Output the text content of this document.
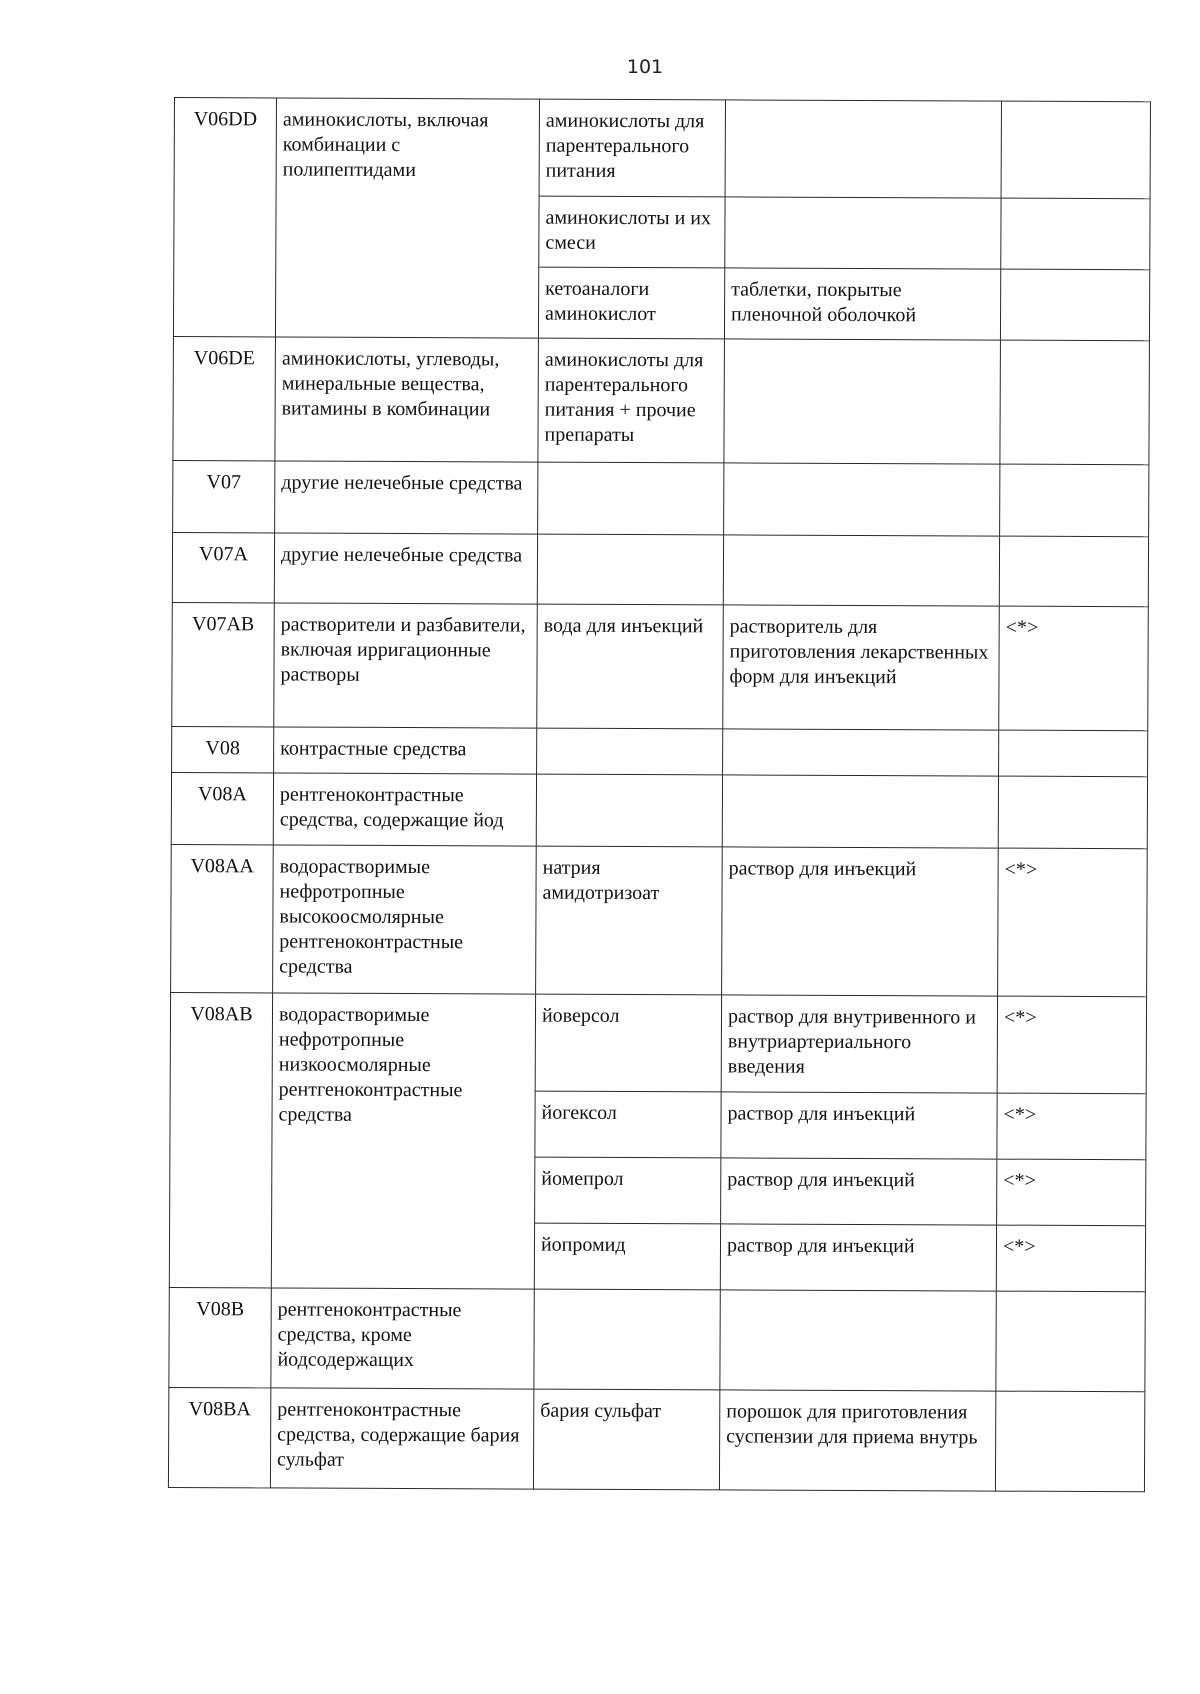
101
V06DD	аминокислоты, включая комбинации с полипептидами	аминокислоты для парентерального питания		
		аминокислоты и их смеси		
		кетоаналоги аминокислот	таблетки, покрытые пленочной оболочкой	
V06DE	аминокислоты, углеводы, минеральные вещества, витамины в комбинации	аминокислоты для парентерального питания + прочие препараты		
V07	другие нелечебные средства			
V07A	другие нелечебные средства			
V07AB	растворители и разбавители, включая ирригационные растворы	вода для инъекций	растворитель для приготовления лекарственных форм для инъекций	<*>
V08	контрастные средства			
V08A	рентгеноконтрастные средства, содержащие йод			
V08AA	водорастворимые нефротропные высокоосмолярные рентгеноконтрастные средства	натрия амидотризоат	раствор для инъекций	<*>
V08AB	водорастворимые нефротропные низкоосмолярные рентгеноконтрастные средства	йоверсол	раствор для внутривенного и внутриартериального введения	<*>
		йогексол	раствор для инъекций	<*>
		йомепрол	раствор для инъекций	<*>
		йопромид	раствор для инъекций	<*>
V08B	рентгеноконтрастные средства, кроме йодсодержащих			
V08BA	рентгеноконтрастные средства, содержащие бария сульфат	бария сульфат	порошок для приготовления суспензии для приема внутрь	
